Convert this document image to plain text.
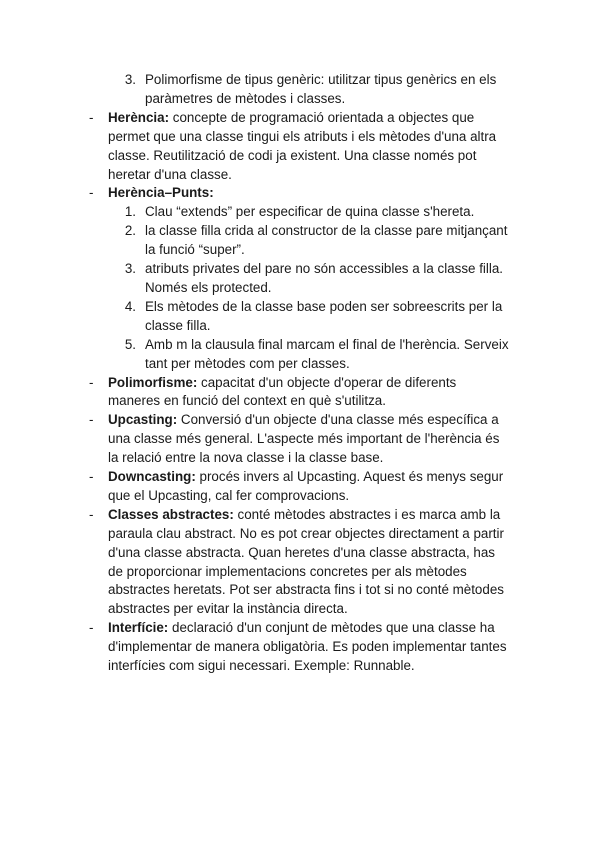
3. Polimorfisme de tipus genèric: utilitzar tipus genèrics en els paràmetres de mètodes i classes.
- Herència: concepte de programació orientada a objectes que permet que una classe tingui els atributs i els mètodes d'una altra classe. Reutilització de codi ja existent. Una classe només pot heretar d'una classe.
- Herència–Punts:
1. Clau “extends” per especificar de quina classe s'hereta.
2. la classe filla crida al constructor de la classe pare mitjançant la funció “super”.
3. atributs privates del pare no són accessibles a la classe filla. Només els protected.
4. Els mètodes de la classe base poden ser sobreescrits per la classe filla.
5. Amb m la clausula final marcam el final de l'herència. Serveix tant per mètodes com per classes.
- Polimorfisme: capacitat d'un objecte d'operar de diferents maneres en funció del context en què s'utilitza.
- Upcasting: Conversió d'un objecte d'una classe més específica a una classe més general. L'aspecte més important de l'herència és la relació entre la nova classe i la classe base.
- Downcasting: procés invers al Upcasting. Aquest és menys segur que el Upcasting, cal fer comprovacions.
- Classes abstractes: conté mètodes abstractes i es marca amb la paraula clau abstract. No es pot crear objectes directament a partir d'una classe abstracta. Quan heretes d'una classe abstracta, has de proporcionar implementacions concretes per als mètodes abstractes heretats. Pot ser abstracta fins i tot si no conté mètodes abstractes per evitar la instància directa.
- Interfície: declaració d'un conjunt de mètodes que una classe ha d'implementar de manera obligatòria. Es poden implementar tantes interfícies com sigui necessari. Exemple: Runnable.
